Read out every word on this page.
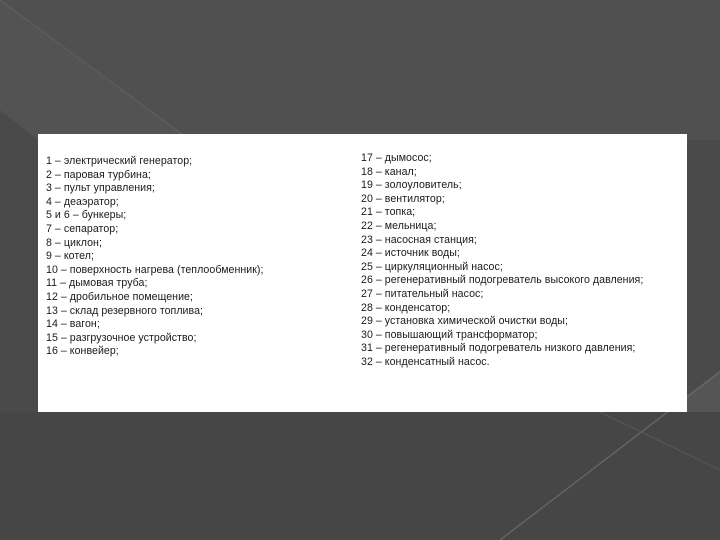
1 – электрический генератор;
2 – паровая турбина;
3 – пульт управления;
4 – деаэратор;
5 и 6 – бункеры;
7 – сепаратор;
8 – циклон;
9 – котел;
10 – поверхность нагрева (теплообменник);
11 – дымовая труба;
12 – дробильное помещение;
13 – склад резервного топлива;
14 – вагон;
15 – разгрузочное устройство;
16 – конвейер;
17 – дымосос;
18 – канал;
19 – золоуловитель;
20 – вентилятор;
21 – топка;
22 – мельница;
23 – насосная станция;
24 – источник воды;
25 – циркуляционный насос;
26 – регенеративный подогреватель высокого давления;
27 – питательный насос;
28 – конденсатор;
29 – установка химической очистки воды;
30 – повышающий трансформатор;
31 – регенеративный подогреватель низкого давления;
32 – конденсатный насос.
